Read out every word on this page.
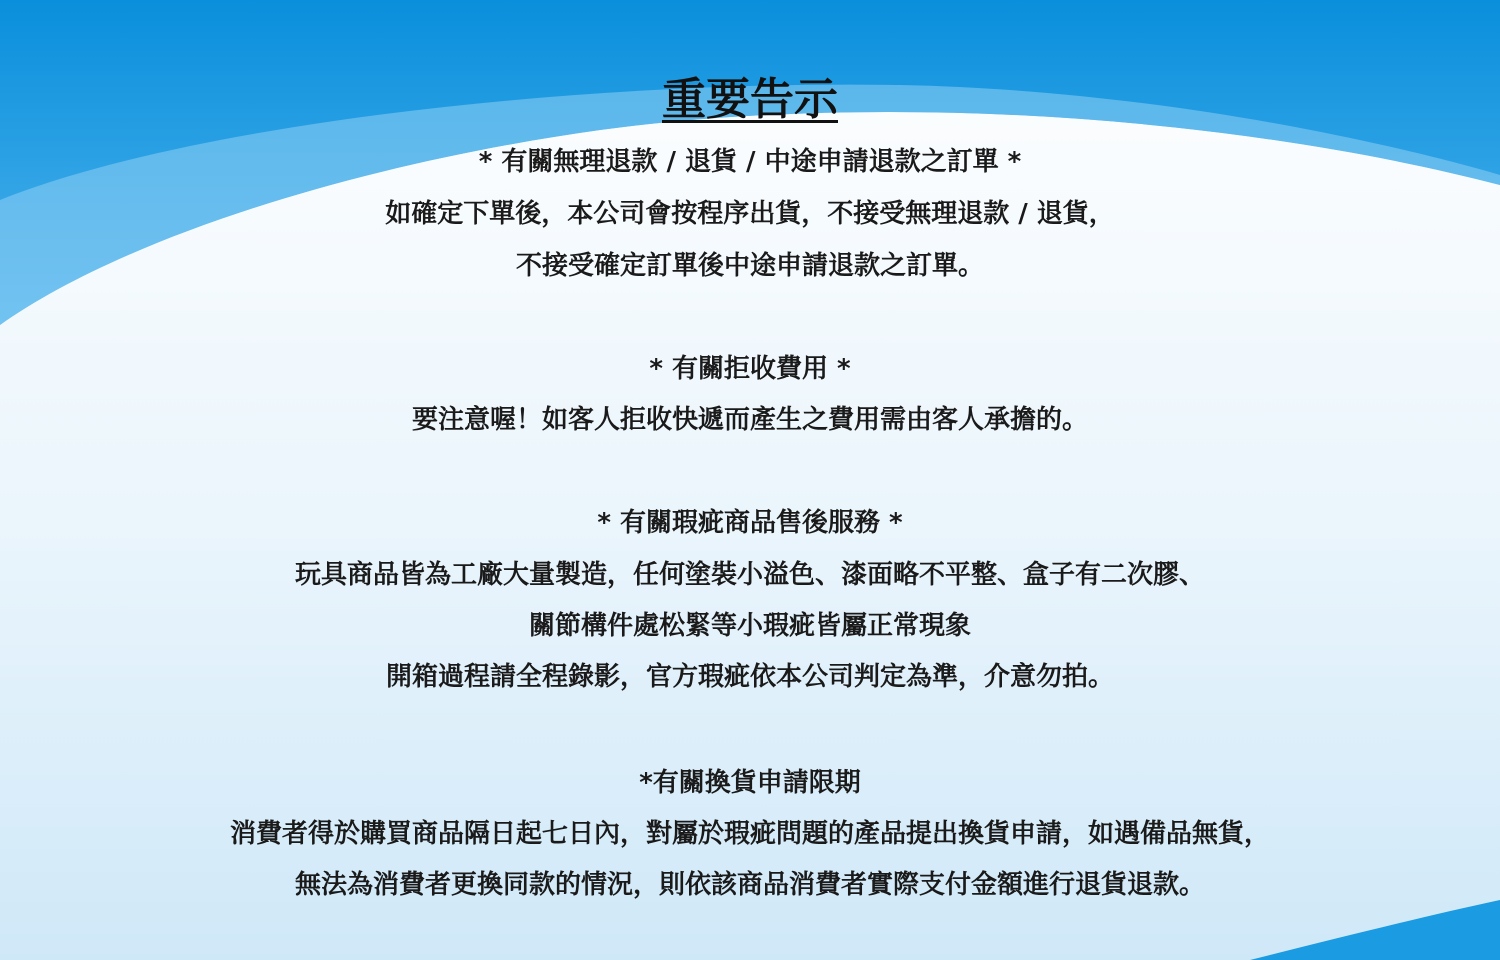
重要告示
* 有關無理退款 / 退貨 / 中途申請退款之訂單 *
如確定下單後，本公司會按程序出貨，不接受無理退款 / 退貨，
不接受確定訂單後中途申請退款之訂單。
* 有關拒收費用 *
要注意喔！如客人拒收快遞而產生之費用需由客人承擔的。
* 有關瑕疵商品售後服務 *
玩具商品皆為工廠大量製造，任何塗裝小溢色、漆面略不平整、盒子有二次膠、
關節構件處松緊等小瑕疵皆屬正常現象
開箱過程請全程錄影，官方瑕疵依本公司判定為準，介意勿拍。
*有關換貨申請限期
消費者得於購買商品隔日起七日內，對屬於瑕疵問題的產品提出換貨申請，如遇備品無貨，
無法為消費者更換同款的情況，則依該商品消費者實際支付金額進行退貨退款。
